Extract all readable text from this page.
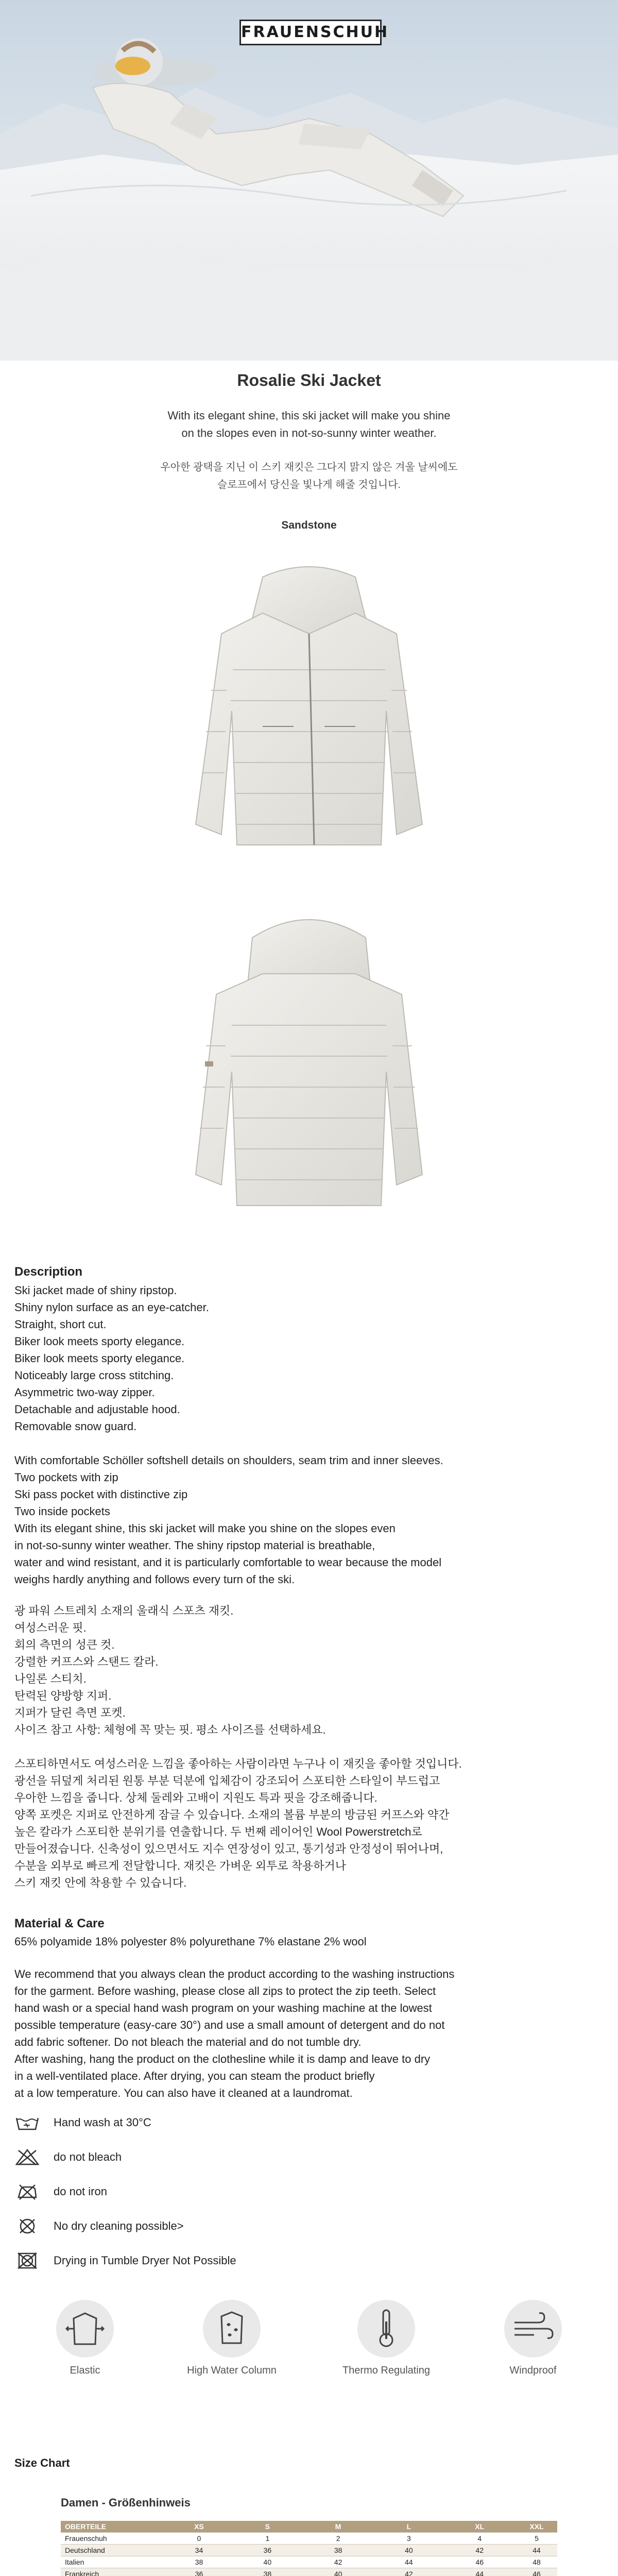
FRAUENSCHUH
Rosalie Ski Jacket
With its elegant shine, this ski jacket will make you shine
on the slopes even in not-so-sunny winter weather.
우아한 광택을 지닌 이 스키 재킷은 그다지 맑지 않은 겨울 날씨에도
슬로프에서 당신을 빛나게 해줄 것입니다.
Sandstone
Description
Ski jacket made of shiny ripstop.
Shiny nylon surface as an eye-catcher.
Straight, short cut.
Biker look meets sporty elegance.
Biker look meets sporty elegance.
Noticeably large cross stitching.
Asymmetric two-way zipper.
Detachable and adjustable hood.
Removable snow guard.
With comfortable Schöller softshell details on shoulders, seam trim and inner sleeves.
Two pockets with zip
Ski pass pocket with distinctive zip
Two inside pockets
With its elegant shine, this ski jacket will make you shine on the slopes even
in not-so-sunny winter weather. The shiny ripstop material is breathable,
water and wind resistant, and it is particularly comfortable to wear because the model
weighs hardly anything and follows every turn of the ski.
광 파워 스트레치 소재의 울래식 스포츠 재킷.
여성스러운 핏.
회의 측면의 성큰 컷.
강렬한 커프스와 스탠드 칼라.
나일론 스티치.
탄력된 양방향 지퍼.
지퍼가 달린 측면 포켓.
사이즈 참고 사항: 체형에 꼭 맞는 핏. 평소 사이즈를 선택하세요.
스포티하면서도 여성스러운 느낌을 좋아하는 사람이라면 누구나 이 재킷을 좋아할 것입니다.
광선을 뒤덮게 처리된 원통 부분 덕분에 입체감이 강조되어 스포티한 스타일이 부드럽고
우아한 느낌을 줍니다. 상체 둘레와 고배이 지원도 특과 핏을 강조해줍니다.
양쪽 포켓은 지퍼로 안전하게 잠글 수 있습니다. 소재의 볼륨 부분의 방금된 커프스와 약간
높은 칼라가 스포티한 분위기를 연출합니다. 두 번째 레이어인 Wool Powerstretch로
만들어졌습니다. 신축성이 있으면서도 지수 연장성이 있고, 통기성과 안정성이 뛰어나며,
수분을 외부로 빠르게 전달합니다. 재킷은 가벼운 외투로 착용하거나
스키 재킷 안에 착용할 수 있습니다.
Material & Care
65% polyamide 18% polyester 8% polyurethane 7% elastane 2% wool
We recommend that you always clean the product according to the washing instructions
for the garment. Before washing, please close all zips to protect the zip teeth. Select
hand wash or a special hand wash program on your washing machine at the lowest
possible temperature (easy-care 30°) and use a small amount of detergent and do not
add fabric softener. Do not bleach the material and do not tumble dry.
After washing, hang the product on the clothesline while it is damp and leave to dry
in a well-ventilated place. After drying, you can steam the product briefly
at a low temperature. You can also have it cleaned at a laundromat.
Hand wash at 30°C
do not bleach
do not iron
No dry cleaning possible>
Drying in Tumble Dryer Not Possible
Elastic	High Water Column	Thermo Regulating	Windproof
Size Chart
Damen - Größenhinweis
OBERTEILE	XS	S	M	L	XL	XXL
Frauenschuh	0	1	2	3	4	5
Deutschland	34	36	38	40	42	44
Italien	38	40	42	44	46	48
Frankreich	36	38	40	42	44	46
